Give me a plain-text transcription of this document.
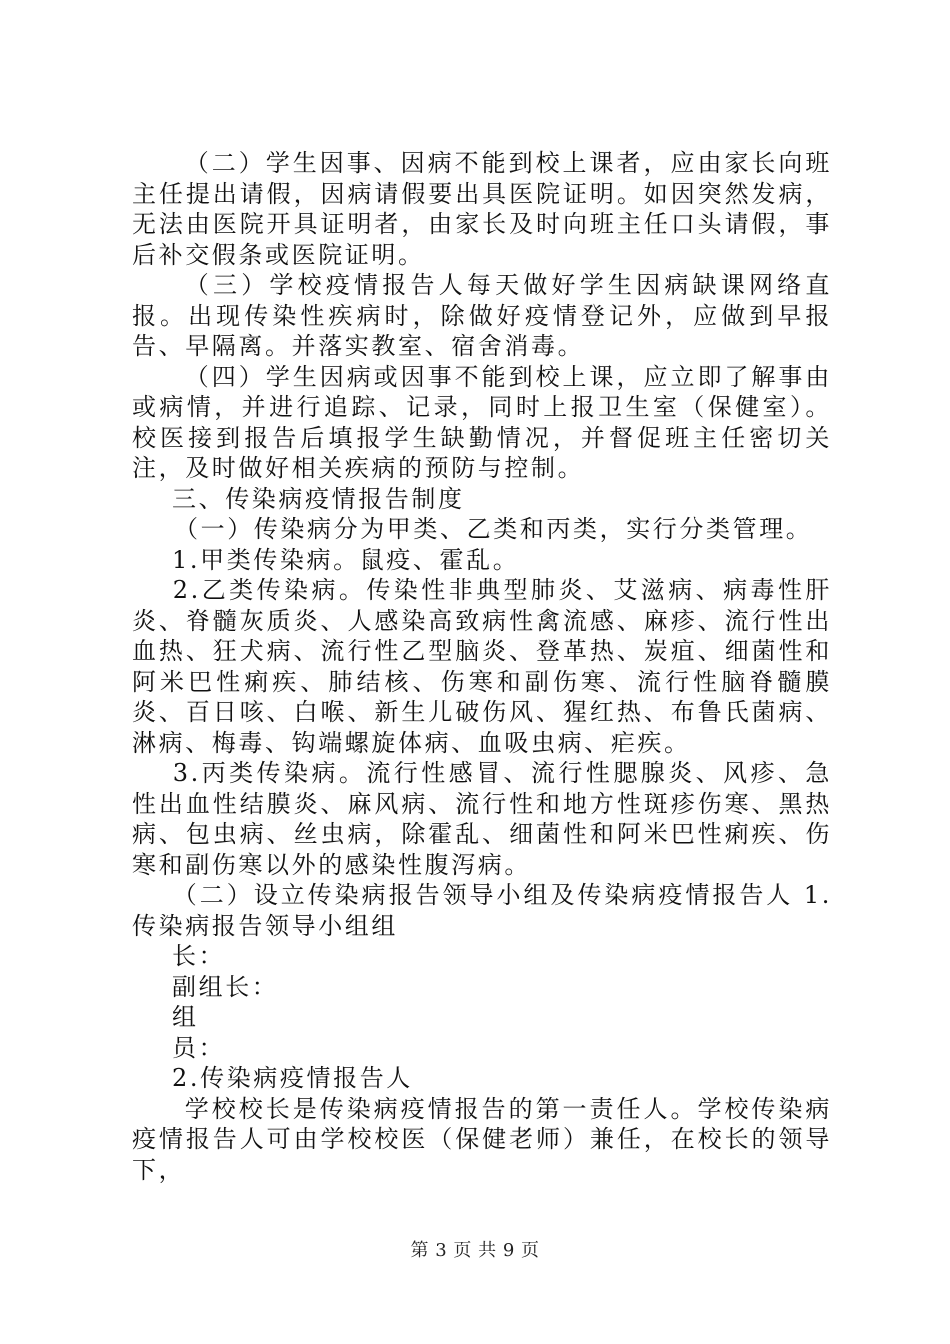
（二）学生因事、因病不能到校上课者，应由家长向班主任提出请假，因病请假要出具医院证明。如因突然发病，无法由医院开具证明者，由家长及时向班主任口头请假，事后补交假条或医院证明。

（三）学校疫情报告人每天做好学生因病缺课网络直报。出现传染性疾病时，除做好疫情登记外，应做到早报告、早隔离。并落实教室、宿舍消毒。

（四）学生因病或因事不能到校上课，应立即了解事由或病情，并进行追踪、记录，同时上报卫生室（保健室）。校医接到报告后填报学生缺勤情况，并督促班主任密切关注，及时做好相关疾病的预防与控制。

三、传染病疫情报告制度

（一）传染病分为甲类、乙类和丙类，实行分类管理。

1.甲类传染病。鼠疫、霍乱。

2.乙类传染病。传染性非典型肺炎、艾滋病、病毒性肝炎、脊髓灰质炎、人感染高致病性禽流感、麻疹、流行性出血热、狂犬病、流行性乙型脑炎、登革热、炭疽、细菌性和阿米巴性痢疾、肺结核、伤寒和副伤寒、流行性脑脊髓膜炎、百日咳、白喉、新生儿破伤风、猩红热、布鲁氏菌病、淋病、梅毒、钩端螺旋体病、血吸虫病、疟疾。

3.丙类传染病。流行性感冒、流行性腮腺炎、风疹、急性出血性结膜炎、麻风病、流行性和地方性斑疹伤寒、黑热病、包虫病、丝虫病，除霍乱、细菌性和阿米巴性痢疾、伤寒和副伤寒以外的感染性腹泻病。

（二）设立传染病报告领导小组及传染病疫情报告人 1.传染病报告领导小组组

长：

副组长：

组

员：

2.传染病疫情报告人

学校校长是传染病疫情报告的第一责任人。学校传染病疫情报告人可由学校校医（保健老师）兼任，在校长的领导下，

第 3 页 共 9 页
